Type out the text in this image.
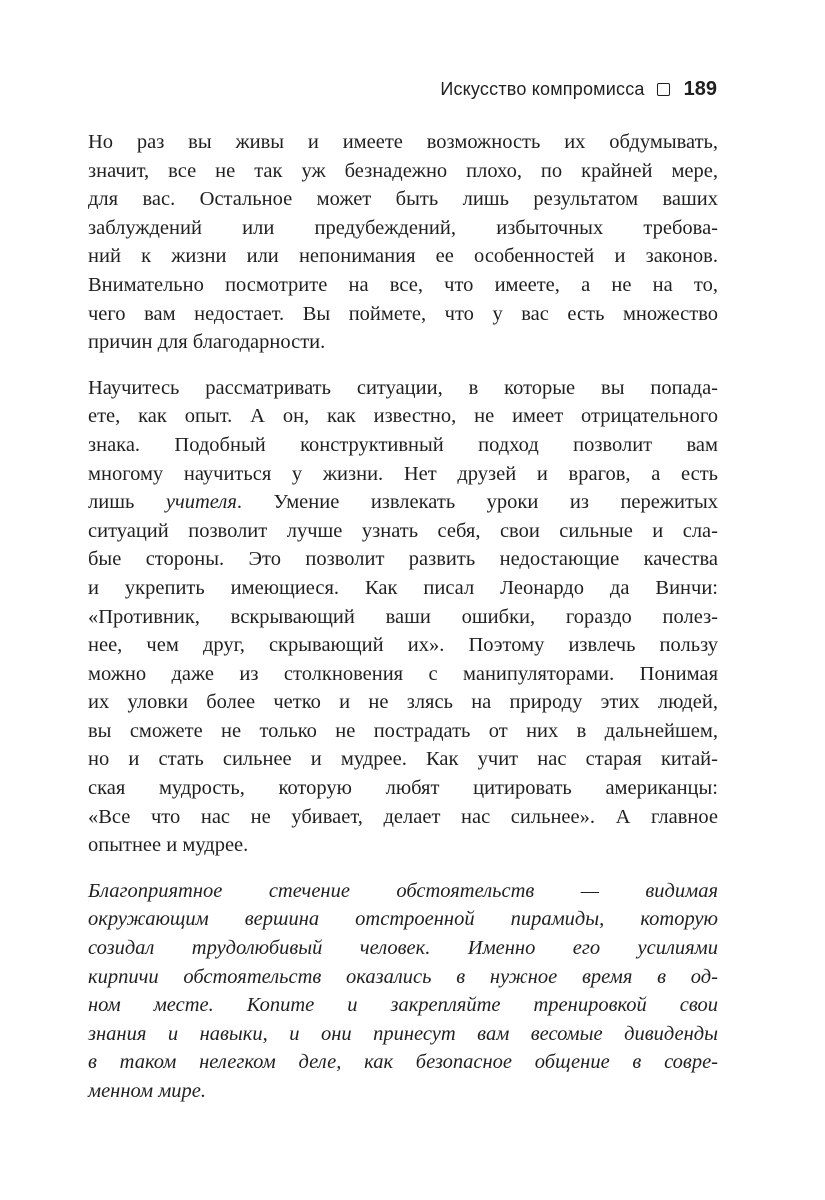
Искусство компромисса 189

Но раз вы живы и имеете возможность их обдумывать,
значит, все не так уж безнадежно плохо, по крайней мере,
для вас. Остальное может быть лишь результатом ваших
заблуждений или предубеждений, избыточных требова-
ний к жизни или непонимания ее особенностей и законов.
Внимательно посмотрите на все, что имеете, а не на то,
чего вам недостает. Вы поймете, что у вас есть множество
причин для благодарности.

Научитесь рассматривать ситуации, в которые вы попада-
ете, как опыт. А он, как известно, не имеет отрицательного
знака. Подобный конструктивный подход позволит вам
многому научиться у жизни. Нет друзей и врагов, а есть
лишь учителя. Умение извлекать уроки из пережитых
ситуаций позволит лучше узнать себя, свои сильные и сла-
бые стороны. Это позволит развить недостающие качества
и укрепить имеющиеся. Как писал Леонардо да Винчи:
«Противник, вскрывающий ваши ошибки, гораздо полез-
нее, чем друг, скрывающий их». Поэтому извлечь пользу
можно даже из столкновения с манипуляторами. Понимая
их уловки более четко и не злясь на природу этих людей,
вы сможете не только не пострадать от них в дальнейшем,
но и стать сильнее и мудрее. Как учит нас старая китай-
ская мудрость, которую любят цитировать американцы:
«Все что нас не убивает, делает нас сильнее». А главное
опытнее и мудрее.

Благоприятное стечение обстоятельств — видимая
окружающим вершина отстроенной пирамиды, которую
созидал трудолюбивый человек. Именно его усилиями
кирпичи обстоятельств оказались в нужное время в од-
ном месте. Копите и закрепляйте тренировкой свои
знания и навыки, и они принесут вам весомые дивиденды
в таком нелегком деле, как безопасное общение в совре-
менном мире.
